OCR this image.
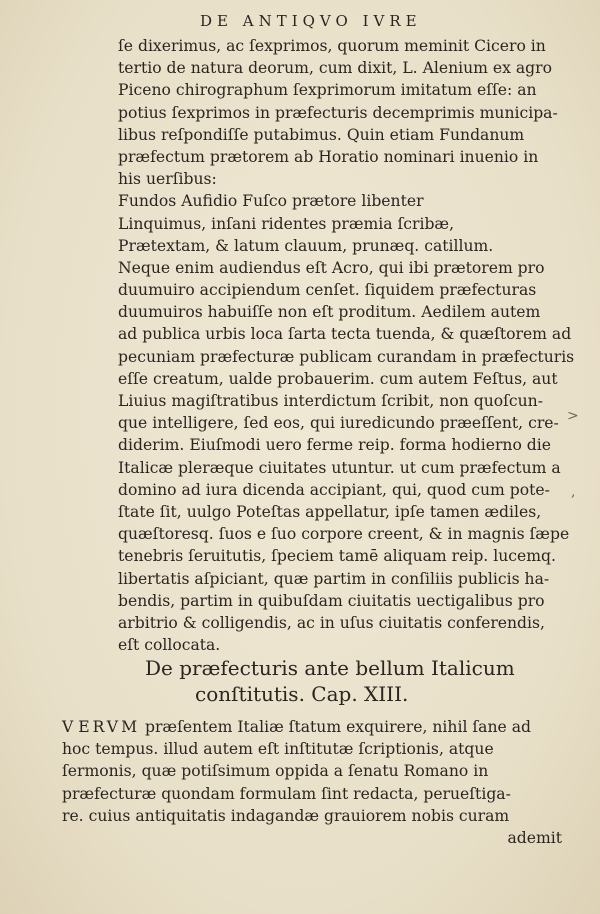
DE ANTIQVO IVRE
ſe dixerimus, ac ſexprimos, quorum meminit Cicero in
tertio de natura deorum, cum dixit, L. Alenium ex agro
Piceno chirographum ſexprimorum imitatum eſſe: an
potius ſexprimos in præfecturis decemprimis municipa-
libus reſpondiſſe putabimus. Quin etiam Fundanum
præfectum prætorem ab Horatio nominari inuenio in
his uerſibus:
Fundos Aufidio Fuſco prætore libenter
Linquimus, inſani ridentes præmia ſcribæ,
Prætextam, & latum clauum, prunæq. catillum.
Neque enim audiendus eſt Acro, qui ibi prætorem pro
duumuiro accipiendum cenſet. ſiquidem præfecturas
duumuiros habuiſſe non eſt proditum. Aedilem autem
ad publica urbis loca ſarta tecta tuenda, & quæſtorem ad
pecuniam præfecturæ publicam curandam in præfecturis
eſſe creatum, ualde probauerim. cum autem Feſtus, aut
Liuius magiſtratibus interdictum ſcribit, non quoſcun-
que intelligere, ſed eos, qui iuredicundo præeſſent, cre-
diderim. Eiuſmodi uero ferme reip. forma hodierno die
Italicæ pleræque ciuitates utuntur. ut cum præfectum a
domino ad iura dicenda accipiant, qui, quod cum pote-
ſtate ſit, uulgo Poteſtas appellatur, ipſe tamen ædiles,
quæſtoresq. ſuos e ſuo corpore creent, & in magnis ſæpe
tenebris ſeruitutis, ſpeciem tamē aliquam reip. lucemq.
libertatis aſpiciant, quæ partim in conſiliis publicis ha-
bendis, partim in quibuſdam ciuitatis uectigalibus pro
arbitrio & colligendis, ac in uſus ciuitatis conferendis,
eſt collocata.
De præfecturis ante bellum Italicum
conſtitutis. Cap. XIII.
V ERVM præſentem Italiæ ſtatum exquirere, nihil ſane ad
hoc tempus. illud autem eſt inſtitutæ ſcriptionis, atque
ſermonis, quæ potiſsimum oppida a ſenatu Romano in
præfecturæ quondam formulam ſint redacta, perueſtiga-
re. cuius antiquitatis indagandæ grauiorem nobis curam
ademit
>
,
